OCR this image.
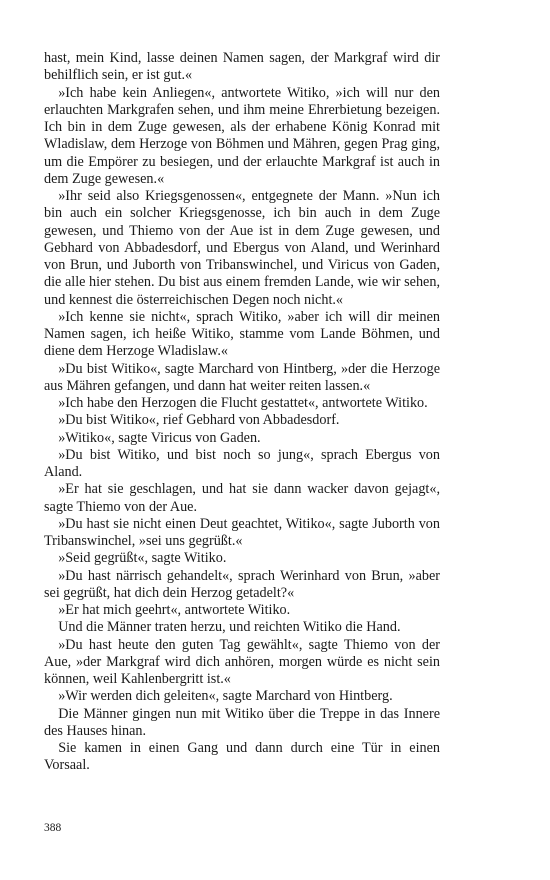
hast, mein Kind, lasse deinen Namen sagen, der Markgraf wird dir behilflich sein, er ist gut.«

»Ich habe kein Anliegen«, antwortete Witiko, »ich will nur den erlauchten Markgrafen sehen, und ihm meine Ehrerbietung bezeigen. Ich bin in dem Zuge gewesen, als der erhabene König Konrad mit Wladislaw, dem Herzoge von Böhmen und Mähren, gegen Prag ging, um die Empörer zu besiegen, und der erlauchte Markgraf ist auch in dem Zuge gewesen.«

»Ihr seid also Kriegsgenossen«, entgegnete der Mann. »Nun ich bin auch ein solcher Kriegsgenosse, ich bin auch in dem Zuge gewesen, und Thiemo von der Aue ist in dem Zuge gewesen, und Gebhard von Abbadesdorf, und Ebergus von Aland, und Werinhard von Brun, und Juborth von Tribanswinchel, und Viricus von Gaden, die alle hier stehen. Du bist aus einem fremden Lande, wie wir sehen, und kennest die österreichischen Degen noch nicht.«

»Ich kenne sie nicht«, sprach Witiko, »aber ich will dir meinen Namen sagen, ich heiße Witiko, stamme vom Lande Böhmen, und diene dem Herzoge Wladislaw.«

»Du bist Witiko«, sagte Marchard von Hintberg, »der die Herzoge aus Mähren gefangen, und dann hat weiter reiten lassen.«

»Ich habe den Herzogen die Flucht gestattet«, antwortete Witiko.

»Du bist Witiko«, rief Gebhard von Abbadesdorf.

»Witiko«, sagte Viricus von Gaden.

»Du bist Witiko, und bist noch so jung«, sprach Ebergus von Aland.

»Er hat sie geschlagen, und hat sie dann wacker davon gejagt«, sagte Thiemo von der Aue.

»Du hast sie nicht einen Deut geachtet, Witiko«, sagte Juborth von Tribanswinchel, »sei uns gegrüßt.«

»Seid gegrüßt«, sagte Witiko.

»Du hast närrisch gehandelt«, sprach Werinhard von Brun, »aber sei gegrüßt, hat dich dein Herzog getadelt?«

»Er hat mich geehrt«, antwortete Witiko.

Und die Männer traten herzu, und reichten Witiko die Hand.

»Du hast heute den guten Tag gewählt«, sagte Thiemo von der Aue, »der Markgraf wird dich anhören, morgen würde es nicht sein können, weil Kahlenbergritt ist.«

»Wir werden dich geleiten«, sagte Marchard von Hintberg.

Die Männer gingen nun mit Witiko über die Treppe in das Innere des Hauses hinan.

Sie kamen in einen Gang und dann durch eine Tür in einen Vorsaal.

388
